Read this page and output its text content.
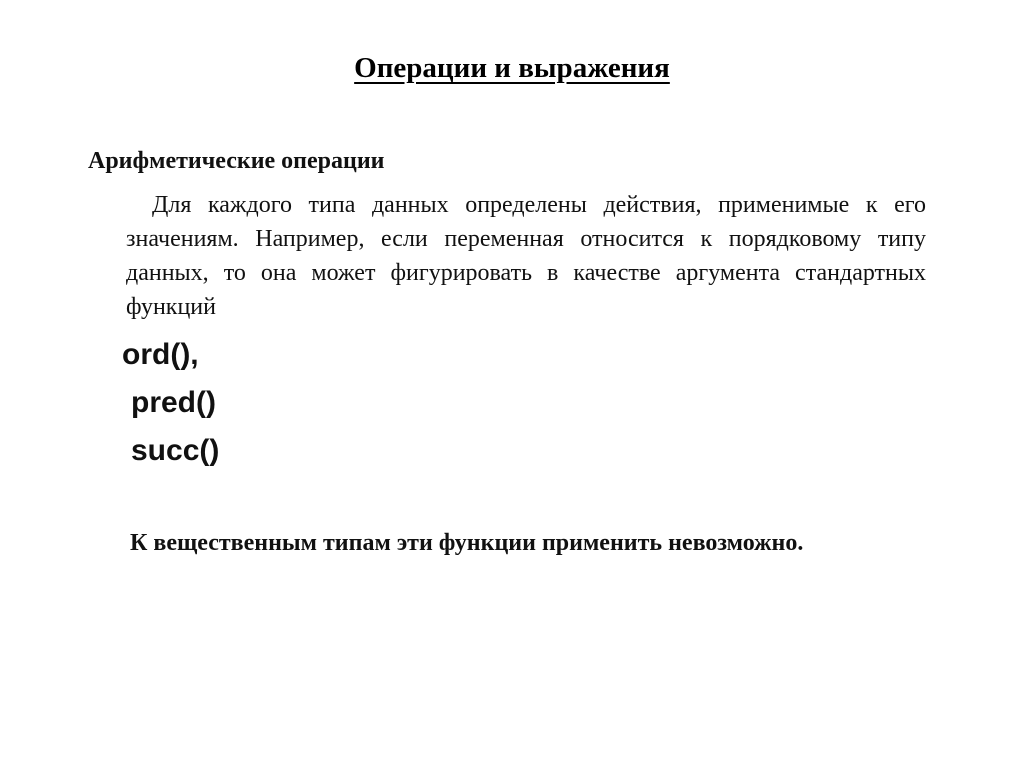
Операции и выражения
Арифметические операции

Для каждого типа данных определены действия, применимые к его значениям. Например, если переменная относится к порядковому типу данных, то она может фигурировать в качестве аргумента стандартных функций

ord(),
pred()
succ()
К вещественным типам эти функции применить невозможно.
